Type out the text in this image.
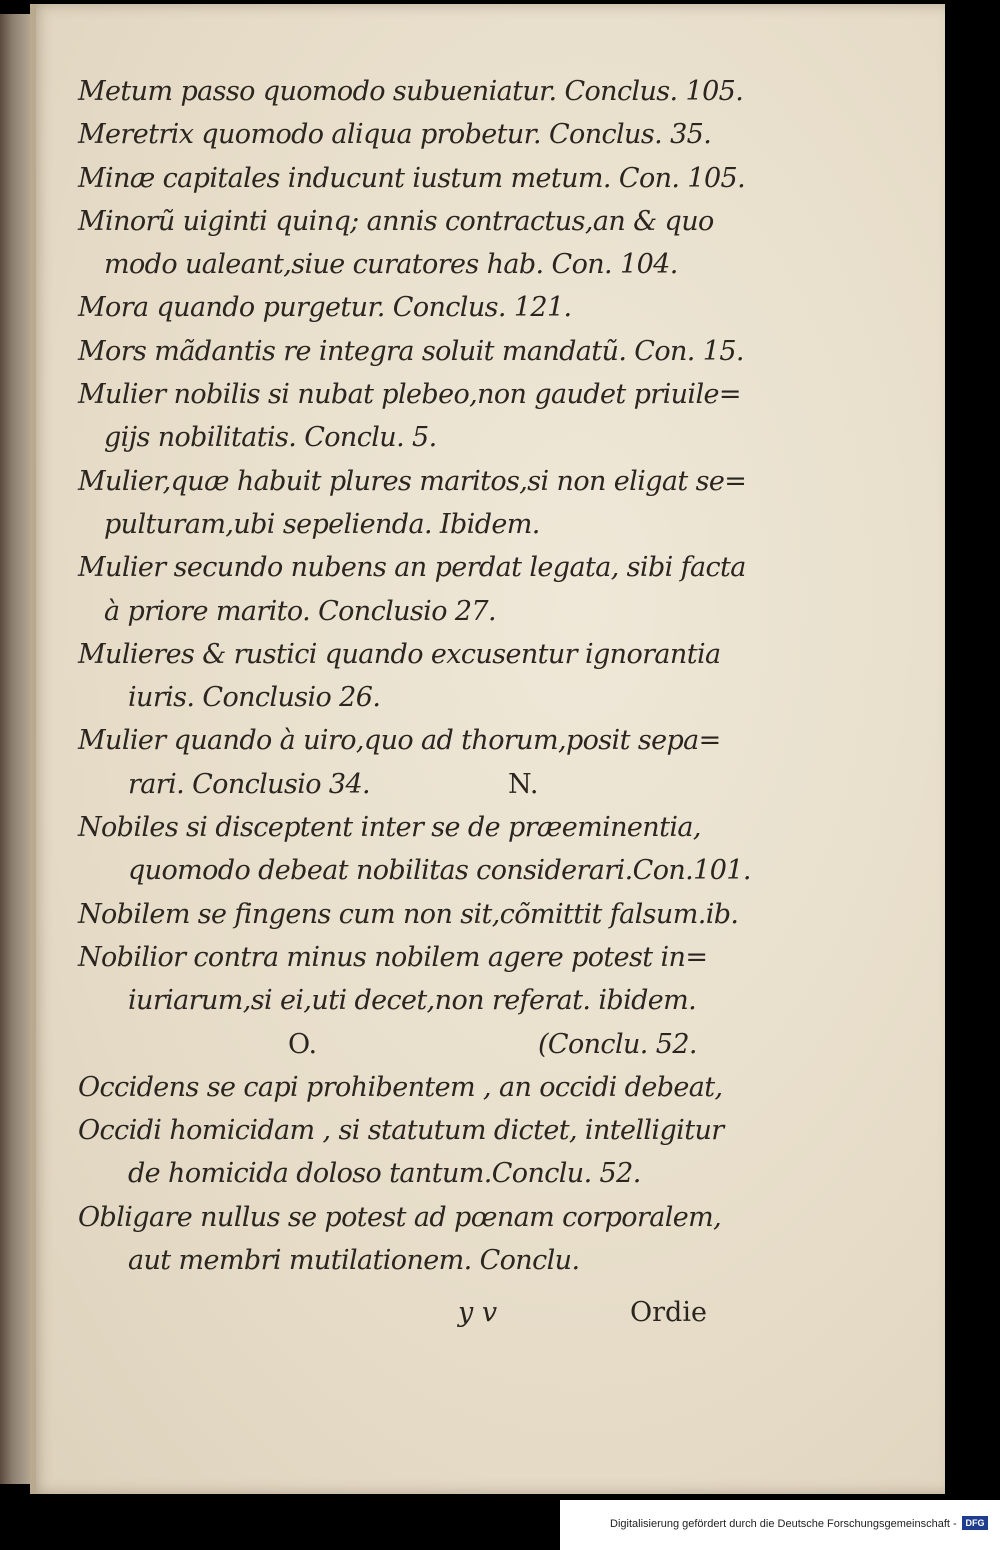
Metum passo quomodo subueniatur. Conclus. 105.
Meretrix quomodo aliqua probetur. Conclus. 35.
Minæ capitales inducunt iustum metum. Con. 105.
Minorũ uiginti quinq; annis contractus,an & quo
modo ualeant,siue curatores hab. Con. 104.
Mora quando purgetur. Conclus. 121.
Mors mãdantis re integra soluit mandatũ. Con. 15.
Mulier nobilis si nubat plebeo,non gaudet priuile=
gijs nobilitatis. Conclu. 5.
Mulier,quæ habuit plures maritos,si non eligat se=
pulturam,ubi sepelienda. Ibidem.
Mulier secundo nubens an perdat legata, sibi facta
à priore marito. Conclusio 27.
Mulieres & rustici quando excusentur ignorantia
iuris. Conclusio 26.
Mulier quando à uiro,quo ad thorum,posit sepa=
rari. Conclusio 34.	N.
Nobiles si disceptent inter se de præeminentia,
quomodo debeat nobilitas considerari.Con.101.
Nobilem se fingens cum non sit,cõmittit falsum.ib.
Nobilior contra minus nobilem agere potest in=
iuriarum,si ei,uti decet,non referat. ibidem.
O.	(Conclu. 52.
Occidens se capi prohibentem , an occidi debeat,
Occidi homicidam , si statutum dictet, intelligitur
de homicida doloso tantum.Conclu. 52.
Obligare nullus se potest ad pœnam corporalem,
aut membri mutilationem. Conclu.
y v	Ordie
Digitalisierung gefördert durch die Deutsche Forschungsgemeinschaft - DFG
